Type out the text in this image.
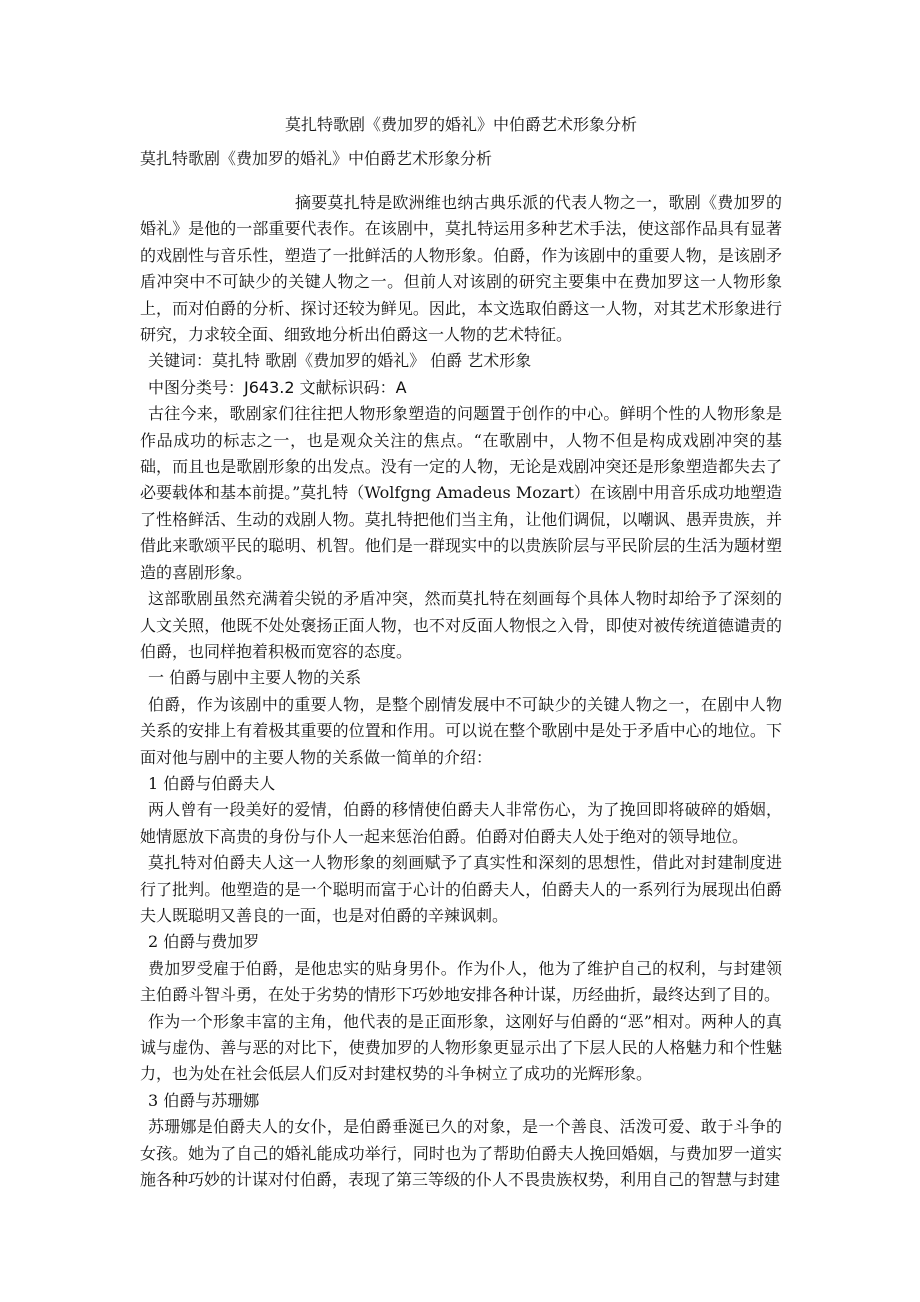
莫扎特歌剧《费加罗的婚礼》中伯爵艺术形象分析
莫扎特歌剧《费加罗的婚礼》中伯爵艺术形象分析

摘要莫扎特是欧洲维也纳古典乐派的代表人物之一，歌剧《费加罗的婚礼》是他的一部重要代表作。在该剧中，莫扎特运用多种艺术手法，使这部作品具有显著的戏剧性与音乐性，塑造了一批鲜活的人物形象。伯爵，作为该剧中的重要人物，是该剧矛盾冲突中不可缺少的关键人物之一。但前人对该剧的研究主要集中在费加罗这一人物形象上，而对伯爵的分析、探讨还较为鲜见。因此，本文选取伯爵这一人物，对其艺术形象进行研究，力求较全面、细致地分析出伯爵这一人物的艺术特征。

关键词：莫扎特 歌剧《费加罗的婚礼》 伯爵 艺术形象

中图分类号：J643.2 文献标识码：A

古往今来，歌剧家们往往把人物形象塑造的问题置于创作的中心。鲜明个性的人物形象是作品成功的标志之一，也是观众关注的焦点。“在歌剧中，人物不但是构成戏剧冲突的基础，而且也是歌剧形象的出发点。没有一定的人物，无论是戏剧冲突还是形象塑造都失去了必要载体和基本前提。”莫扎特（Wolfgng Amadeus Mozart）在该剧中用音乐成功地塑造了性格鲜活、生动的戏剧人物。莫扎特把他们当主角，让他们调侃，以嘲讽、愚弄贵族，并借此来歌颂平民的聪明、机智。他们是一群现实中的以贵族阶层与平民阶层的生活为题材塑造的喜剧形象。

这部歌剧虽然充满着尖锐的矛盾冲突，然而莫扎特在刻画每个具体人物时却给予了深刻的人文关照，他既不处处褒扬正面人物，也不对反面人物恨之入骨，即使对被传统道德谴责的伯爵，也同样抱着积极而宽容的态度。

一 伯爵与剧中主要人物的关系

伯爵，作为该剧中的重要人物，是整个剧情发展中不可缺少的关键人物之一，在剧中人物关系的安排上有着极其重要的位置和作用。可以说在整个歌剧中是处于矛盾中心的地位。下面对他与剧中的主要人物的关系做一简单的介绍：

1 伯爵与伯爵夫人

两人曾有一段美好的爱情，伯爵的移情使伯爵夫人非常伤心，为了挽回即将破碎的婚姻，她情愿放下高贵的身份与仆人一起来惩治伯爵。伯爵对伯爵夫人处于绝对的领导地位。

莫扎特对伯爵夫人这一人物形象的刻画赋予了真实性和深刻的思想性，借此对封建制度进行了批判。他塑造的是一个聪明而富于心计的伯爵夫人，伯爵夫人的一系列行为展现出伯爵夫人既聪明又善良的一面，也是对伯爵的辛辣讽刺。

2 伯爵与费加罗

费加罗受雇于伯爵，是他忠实的贴身男仆。作为仆人，他为了维护自己的权利，与封建领主伯爵斗智斗勇，在处于劣势的情形下巧妙地安排各种计谋，历经曲折，最终达到了目的。

作为一个形象丰富的主角，他代表的是正面形象，这刚好与伯爵的“恶”相对。两种人的真诚与虚伪、善与恶的对比下，使费加罗的人物形象更显示出了下层人民的人格魅力和个性魅力，也为处在社会低层人们反对封建权势的斗争树立了成功的光辉形象。

3 伯爵与苏珊娜

苏珊娜是伯爵夫人的女仆，是伯爵垂涎已久的对象，是一个善良、活泼可爱、敢于斗争的女孩。她为了自己的婚礼能成功举行，同时也为了帮助伯爵夫人挽回婚姻，与费加罗一道实施各种巧妙的计谋对付伯爵，表现了第三等级的仆人不畏贵族权势，利用自己的智慧与封建
